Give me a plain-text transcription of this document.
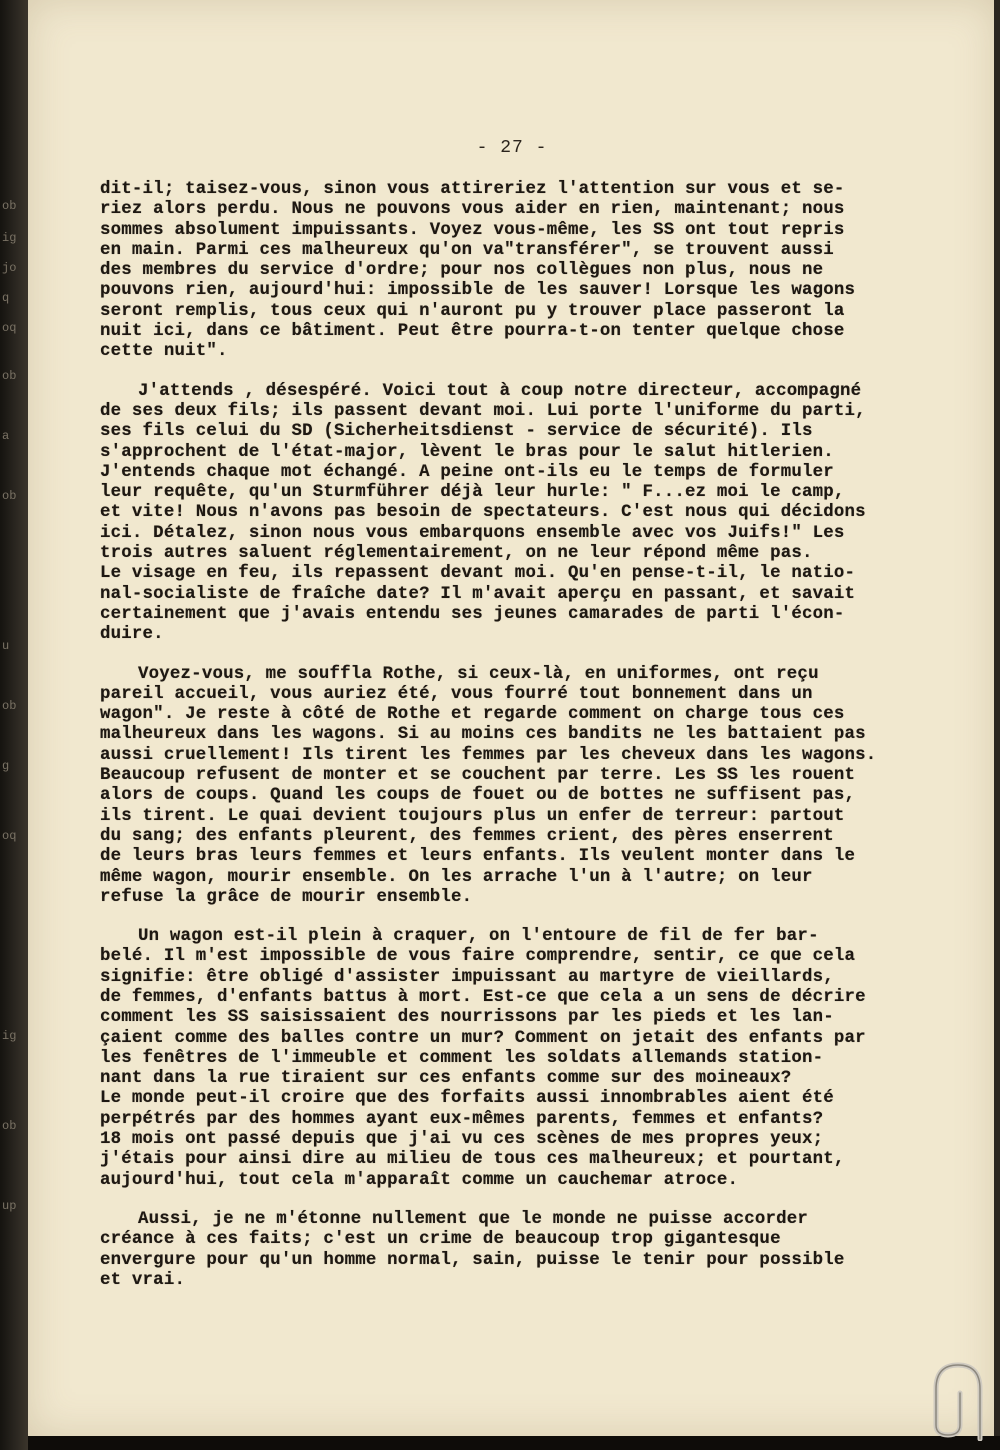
ob
ig
jo
q
oq
ob
a
ob
u
ob
g
oq
ig
ob
up
- 27 -
dit-il; taisez-vous, sinon vous attireriez l'attention sur vous et se-
riez alors perdu. Nous ne pouvons vous aider en rien, maintenant; nous
sommes absolument impuissants. Voyez vous-même, les SS ont tout repris
en main. Parmi ces malheureux qu'on va"transférer", se trouvent aussi
des membres du service d'ordre; pour nos collègues non plus, nous ne
pouvons rien, aujourd'hui: impossible de les sauver! Lorsque les wagons
seront remplis, tous ceux qui n'auront pu y trouver place passeront la
nuit ici, dans ce bâtiment. Peut être pourra-t-on tenter quelque chose
cette nuit".
J'attends , désespéré. Voici tout à coup notre directeur, accompagné
de ses deux fils; ils passent devant moi. Lui porte l'uniforme du parti,
ses fils celui du SD (Sicherheitsdienst - service de sécurité). Ils
s'approchent de l'état-major, lèvent le bras pour le salut hitlerien.
J'entends chaque mot échangé. A peine ont-ils eu le temps de formuler
leur requête, qu'un Sturmführer déjà leur hurle: " F...ez moi le camp,
et vite! Nous n'avons pas besoin de spectateurs. C'est nous qui décidons
ici. Détalez, sinon nous vous embarquons ensemble avec vos Juifs!" Les
trois autres saluent réglementairement, on ne leur répond même pas.
Le visage en feu, ils repassent devant moi. Qu'en pense-t-il, le natio-
nal-socialiste de fraîche date? Il m'avait aperçu en passant, et savait
certainement que j'avais entendu ses jeunes camarades de parti l'écon-
duire.
Voyez-vous, me souffla Rothe, si ceux-là, en uniformes, ont reçu
pareil accueil, vous auriez été, vous fourré tout bonnement dans un
wagon". Je reste à côté de Rothe et regarde comment on charge tous ces
malheureux dans les wagons. Si au moins ces bandits ne les battaient pas
aussi cruellement! Ils tirent les femmes par les cheveux dans les wagons.
Beaucoup refusent de monter et se couchent par terre. Les SS les rouent
alors de coups. Quand les coups de fouet ou de bottes ne suffisent pas,
ils tirent. Le quai devient toujours plus un enfer de terreur: partout
du sang; des enfants pleurent, des femmes crient, des pères enserrent
de leurs bras leurs femmes et leurs enfants. Ils veulent monter dans le
même wagon, mourir ensemble. On les arrache l'un à l'autre; on leur
refuse la grâce de mourir ensemble.
Un wagon est-il plein à craquer, on l'entoure de fil de fer bar-
belé. Il m'est impossible de vous faire comprendre, sentir, ce que cela
signifie: être obligé d'assister impuissant au martyre de vieillards,
de femmes, d'enfants battus à mort. Est-ce que cela a un sens de décrire
comment les SS saisissaient des nourrissons par les pieds et les lan-
çaient comme des balles contre un mur? Comment on jetait des enfants par
les fenêtres de l'immeuble et comment les soldats allemands station-
nant dans la rue tiraient sur ces enfants comme sur des moineaux?
Le monde peut-il croire que des forfaits aussi innombrables aient été
perpétrés par des hommes ayant eux-mêmes parents, femmes et enfants?
18 mois ont passé depuis que j'ai vu ces scènes de mes propres yeux;
j'étais pour ainsi dire au milieu de tous ces malheureux; et pourtant,
aujourd'hui, tout cela m'apparaît comme un cauchemar atroce.
Aussi, je ne m'étonne nullement que le monde ne puisse accorder
créance à ces faits; c'est un crime de beaucoup trop gigantesque
envergure pour qu'un homme normal, sain, puisse le tenir pour possible
et vrai.
